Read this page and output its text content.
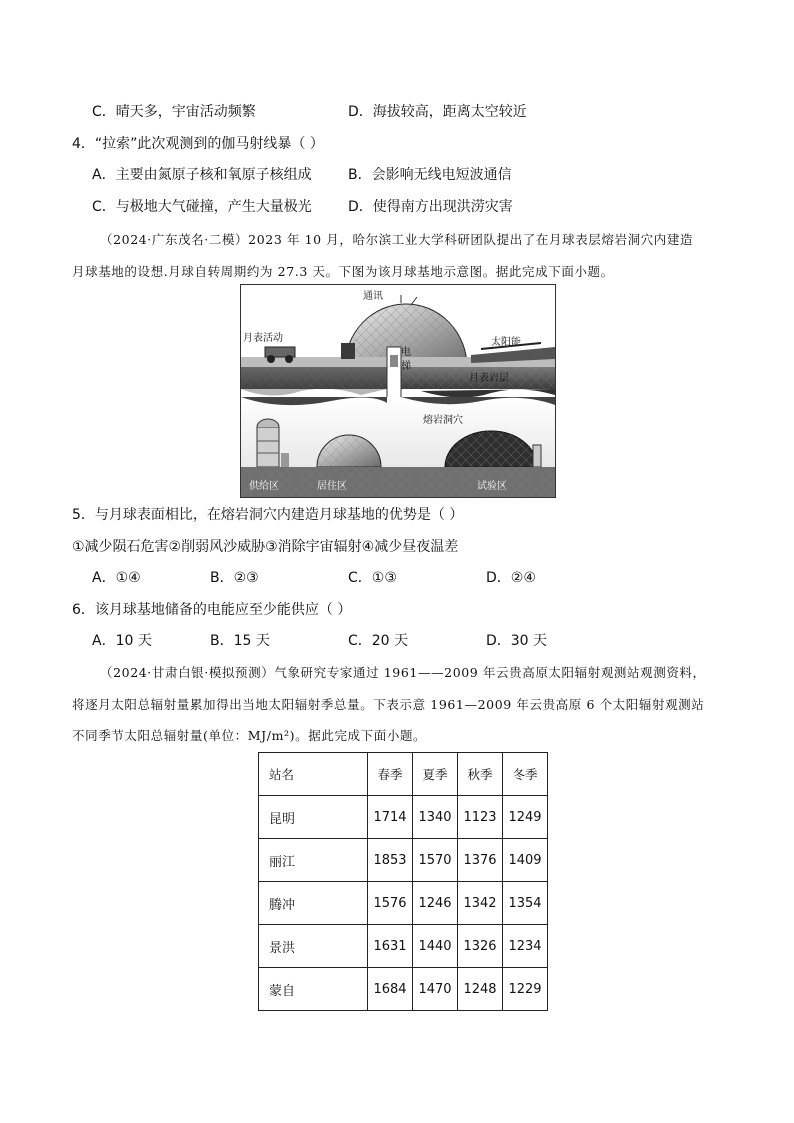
C．晴天多，宇宙活动频繁	D．海拔较高，距离太空较近
4．“拉索”此次观测到的伽马射线暴（ ）
A．主要由氮原子核和氧原子核组成	B．会影响无线电短波通信
C．与极地大气碰撞，产生大量极光	D．使得南方出现洪涝灾害
（2024·广东茂名·二模）2023 年 10 月，哈尔滨工业大学科研团队提出了在月球表层熔岩洞穴内建造
月球基地的设想.月球自转周期约为 27.3 天。下图为该月球基地示意图。据此完成下面小题。
通讯
月表活动	太阳能
电
梯
月表岩层
熔岩洞穴
供给区	居住区	试验区
5．与月球表面相比，在熔岩洞穴内建造月球基地的优势是（ ）
①减少陨石危害②削弱风沙威胁③消除宇宙辐射④减少昼夜温差
A．①④	B．②③	C．①③	D．②④
6．该月球基地储备的电能应至少能供应（ ）
A．10 天	B．15 天	C．20 天	D．30 天
（2024·甘肃白银·模拟预测）气象研究专家通过 1961——2009 年云贵高原太阳辐射观测站观测资料，
将逐月太阳总辐射量累加得出当地太阳辐射季总量。下表示意 1961—2009 年云贵高原 6 个太阳辐射观测站
不同季节太阳总辐射量(单位：MJ/m²)。据此完成下面小题。
站名	春季	夏季	秋季	冬季
昆明	1714	1340	1123	1249
丽江	1853	1570	1376	1409
腾冲	1576	1246	1342	1354
景洪	1631	1440	1326	1234
蒙自	1684	1470	1248	1229
